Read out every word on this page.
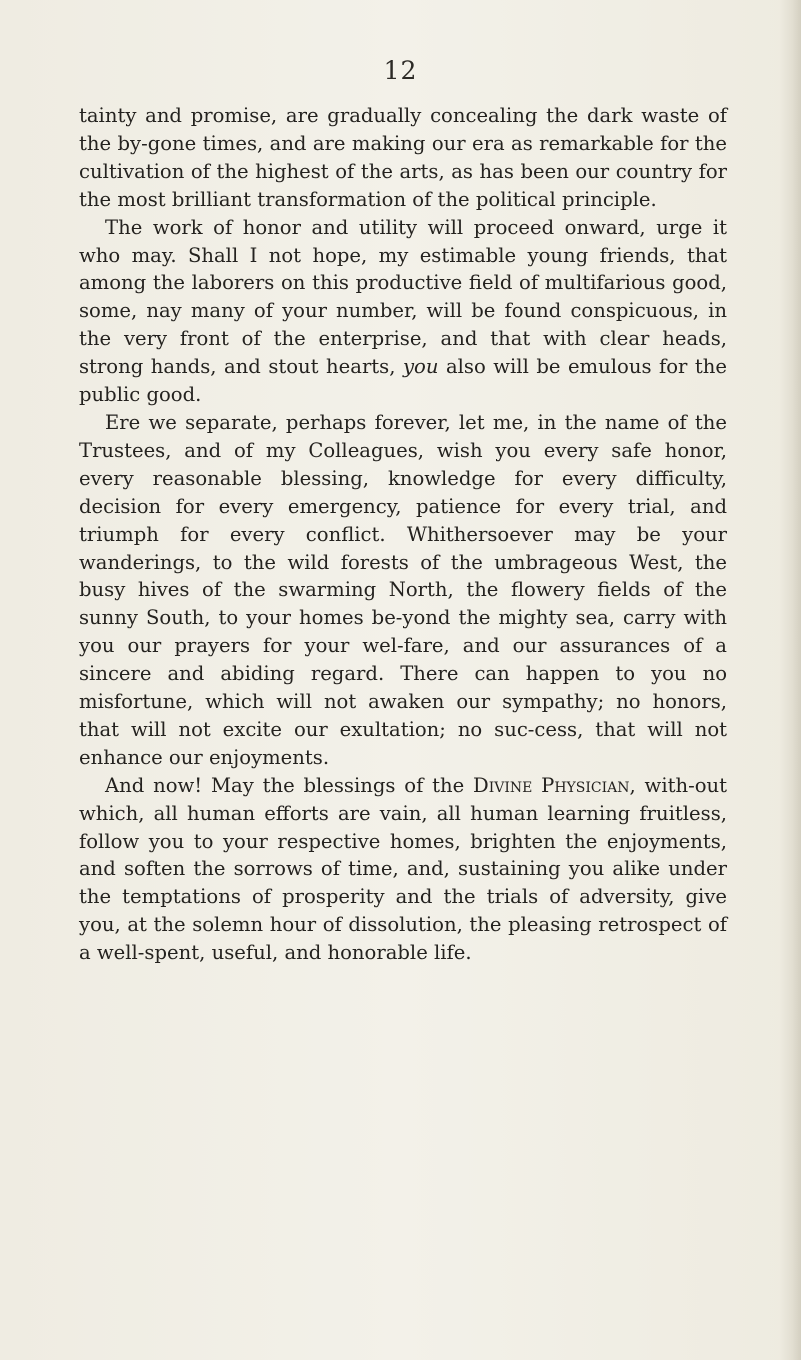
12

tainty and promise, are gradually concealing the dark waste of the by-gone times, and are making our era as remarkable for the cultivation of the highest of the arts, as has been our country for the most brilliant transformation of the political principle.

The work of honor and utility will proceed onward, urge it who may. Shall I not hope, my estimable young friends, that among the laborers on this productive field of multifarious good, some, nay many of your number, will be found conspicuous, in the very front of the enterprise, and that with clear heads, strong hands, and stout hearts, you also will be emulous for the public good.

Ere we separate, perhaps forever, let me, in the name of the Trustees, and of my Colleagues, wish you every safe honor, every reasonable blessing, knowledge for every difficulty, decision for every emergency, patience for every trial, and triumph for every conflict. Whithersoever may be your wanderings, to the wild forests of the umbrageous West, the busy hives of the swarming North, the flowery fields of the sunny South, to your homes be-yond the mighty sea, carry with you our prayers for your wel-fare, and our assurances of a sincere and abiding regard. There can happen to you no misfortune, which will not awaken our sympathy; no honors, that will not excite our exultation; no suc-cess, that will not enhance our enjoyments.

And now! May the blessings of the Divine Physician, with-out which, all human efforts are vain, all human learning fruitless, follow you to your respective homes, brighten the enjoyments, and soften the sorrows of time, and, sustaining you alike under the temptations of prosperity and the trials of adversity, give you, at the solemn hour of dissolution, the pleasing retrospect of a well-spent, useful, and honorable life.
